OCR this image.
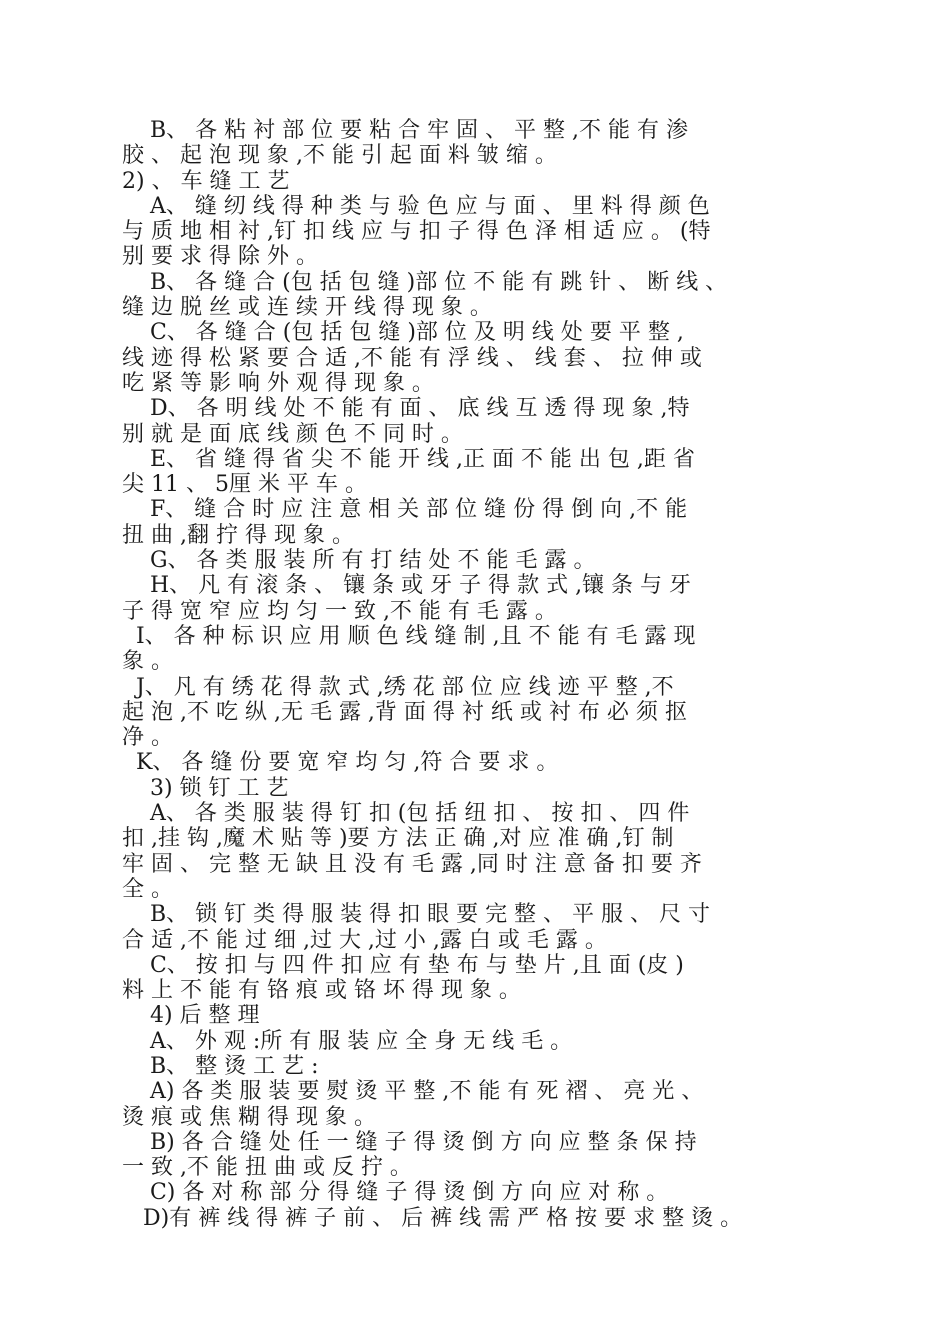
B、 各 粘 衬 部 位 要 粘 合 牢 固 、 平 整 ,不 能 有 渗
胶 、 起 泡 现 象 ,不 能 引 起 面 料 皱 缩 。
2) 、 车 缝 工 艺
A、 缝 纫 线 得 种 类 与 验 色 应 与 面 、 里 料 得 颜 色
与 质 地 相 衬 ,钉 扣 线 应 与 扣 子 得 色 泽 相 适 应 。 (特
别 要 求 得 除 外 。
B、 各 缝 合 (包 括 包 缝 )部 位 不 能 有 跳 针 、 断 线 、
缝 边 脱 丝 或 连 续 开 线 得 现 象 。
C、 各 缝 合 (包 括 包 缝 )部 位 及 明 线 处 要 平 整 ,
线 迹 得 松 紧 要 合 适 ,不 能 有 浮 线 、 线 套 、 拉 伸 或
吃 紧 等 影 响 外 观 得 现 象 。
D、 各 明 线 处 不 能 有 面 、 底 线 互 透 得 现 象 ,特
别 就 是 面 底 线 颜 色 不 同 时 。
E、 省 缝 得 省 尖 不 能 开 线 ,正 面 不 能 出 包 ,距 省
尖 11 、 5厘 米 平 车 。
F、 缝 合 时 应 注 意 相 关 部 位 缝 份 得 倒 向 ,不 能
扭 曲 ,翻 拧 得 现 象 。
G、 各 类 服 装 所 有 打 结 处 不 能 毛 露 。
H、 凡 有 滚 条 、 镶 条 或 牙 子 得 款 式 ,镶 条 与 牙
子 得 宽 窄 应 均 匀 一 致 ,不 能 有 毛 露 。
I、 各 种 标 识 应 用 顺 色 线 缝 制 ,且 不 能 有 毛 露 现
象 。
J、 凡 有 绣 花 得 款 式 ,绣 花 部 位 应 线 迹 平 整 ,不
起 泡 ,不 吃 纵 ,无 毛 露 ,背 面 得 衬 纸 或 衬 布 必 须 抠
净 。
K、 各 缝 份 要 宽 窄 均 匀 ,符 合 要 求 。
3) 锁 钉 工 艺
A、 各 类 服 装 得 钉 扣 (包 括 纽 扣 、 按 扣 、 四 件
扣 ,挂 钩 ,魔 术 贴 等 )要 方 法 正 确 ,对 应 准 确 ,钉 制
牢 固 、 完 整 无 缺 且 没 有 毛 露 ,同 时 注 意 备 扣 要 齐
全 。
B、 锁 钉 类 得 服 装 得 扣 眼 要 完 整 、 平 服 、 尺 寸
合 适 ,不 能 过 细 ,过 大 ,过 小 ,露 白 或 毛 露 。
C、 按 扣 与 四 件 扣 应 有 垫 布 与 垫 片 ,且 面 (皮 )
料 上 不 能 有 铬 痕 或 铬 坏 得 现 象 。
4) 后 整 理
A、 外 观 :所 有 服 装 应 全 身 无 线 毛 。
B、 整 烫 工 艺 :
A) 各 类 服 装 要 熨 烫 平 整 ,不 能 有 死 褶 、 亮 光 、
烫 痕 或 焦 糊 得 现 象 。
B) 各 合 缝 处 任 一 缝 子 得 烫 倒 方 向 应 整 条 保 持
一 致 ,不 能 扭 曲 或 反 拧 。
C) 各 对 称 部 分 得 缝 子 得 烫 倒 方 向 应 对 称 。
D)有 裤 线 得 裤 子 前 、 后 裤 线 需 严 格 按 要 求 整 烫 。
